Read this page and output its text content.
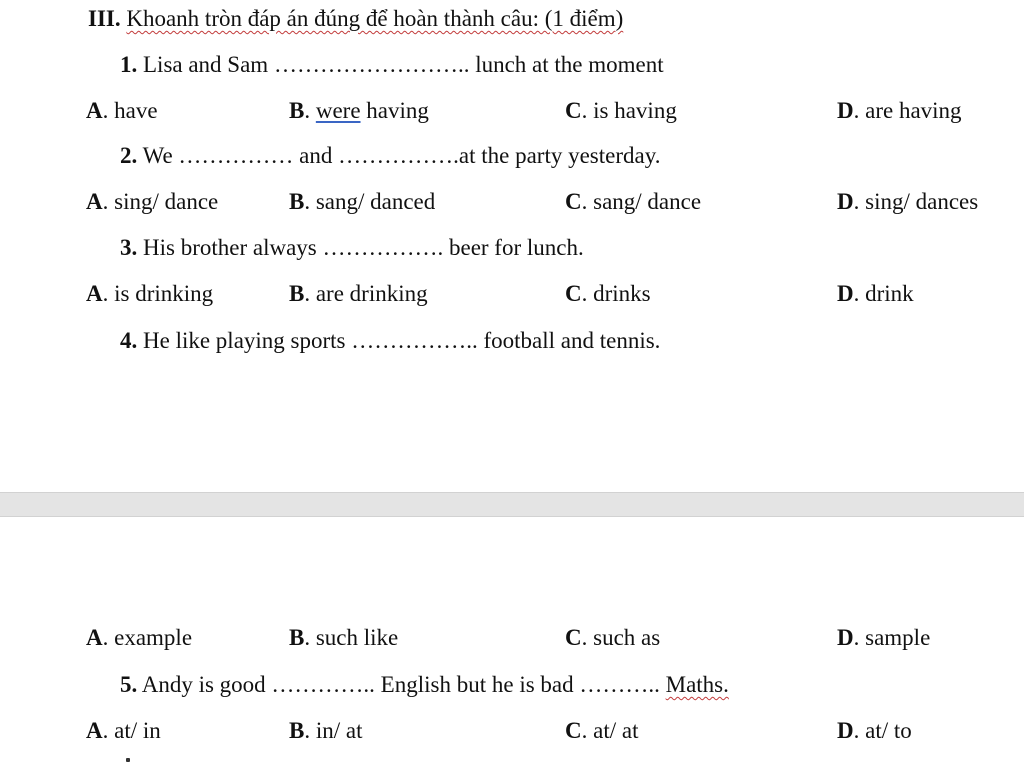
III. Khoanh tròn đáp án đúng để hoàn thành câu: (1 điểm)
1. Lisa and Sam …………………….. lunch at the moment
A. have	B. were having	C. is having	D. are having
2. We …………… and …………….at the party yesterday.
A. sing/ dance	B. sang/ danced	C. sang/ dance	D. sing/ dances
3. His brother always ……………. beer for lunch.
A. is drinking	B. are drinking	C. drinks	D. drink
4. He like playing sports …………….. football and tennis.
A. example	B. such like	C. such as	D. sample
5. Andy is good ………….. English but he is bad ……….. Maths.
A. at/ in	B. in/ at	C. at/ at	D. at/ to
